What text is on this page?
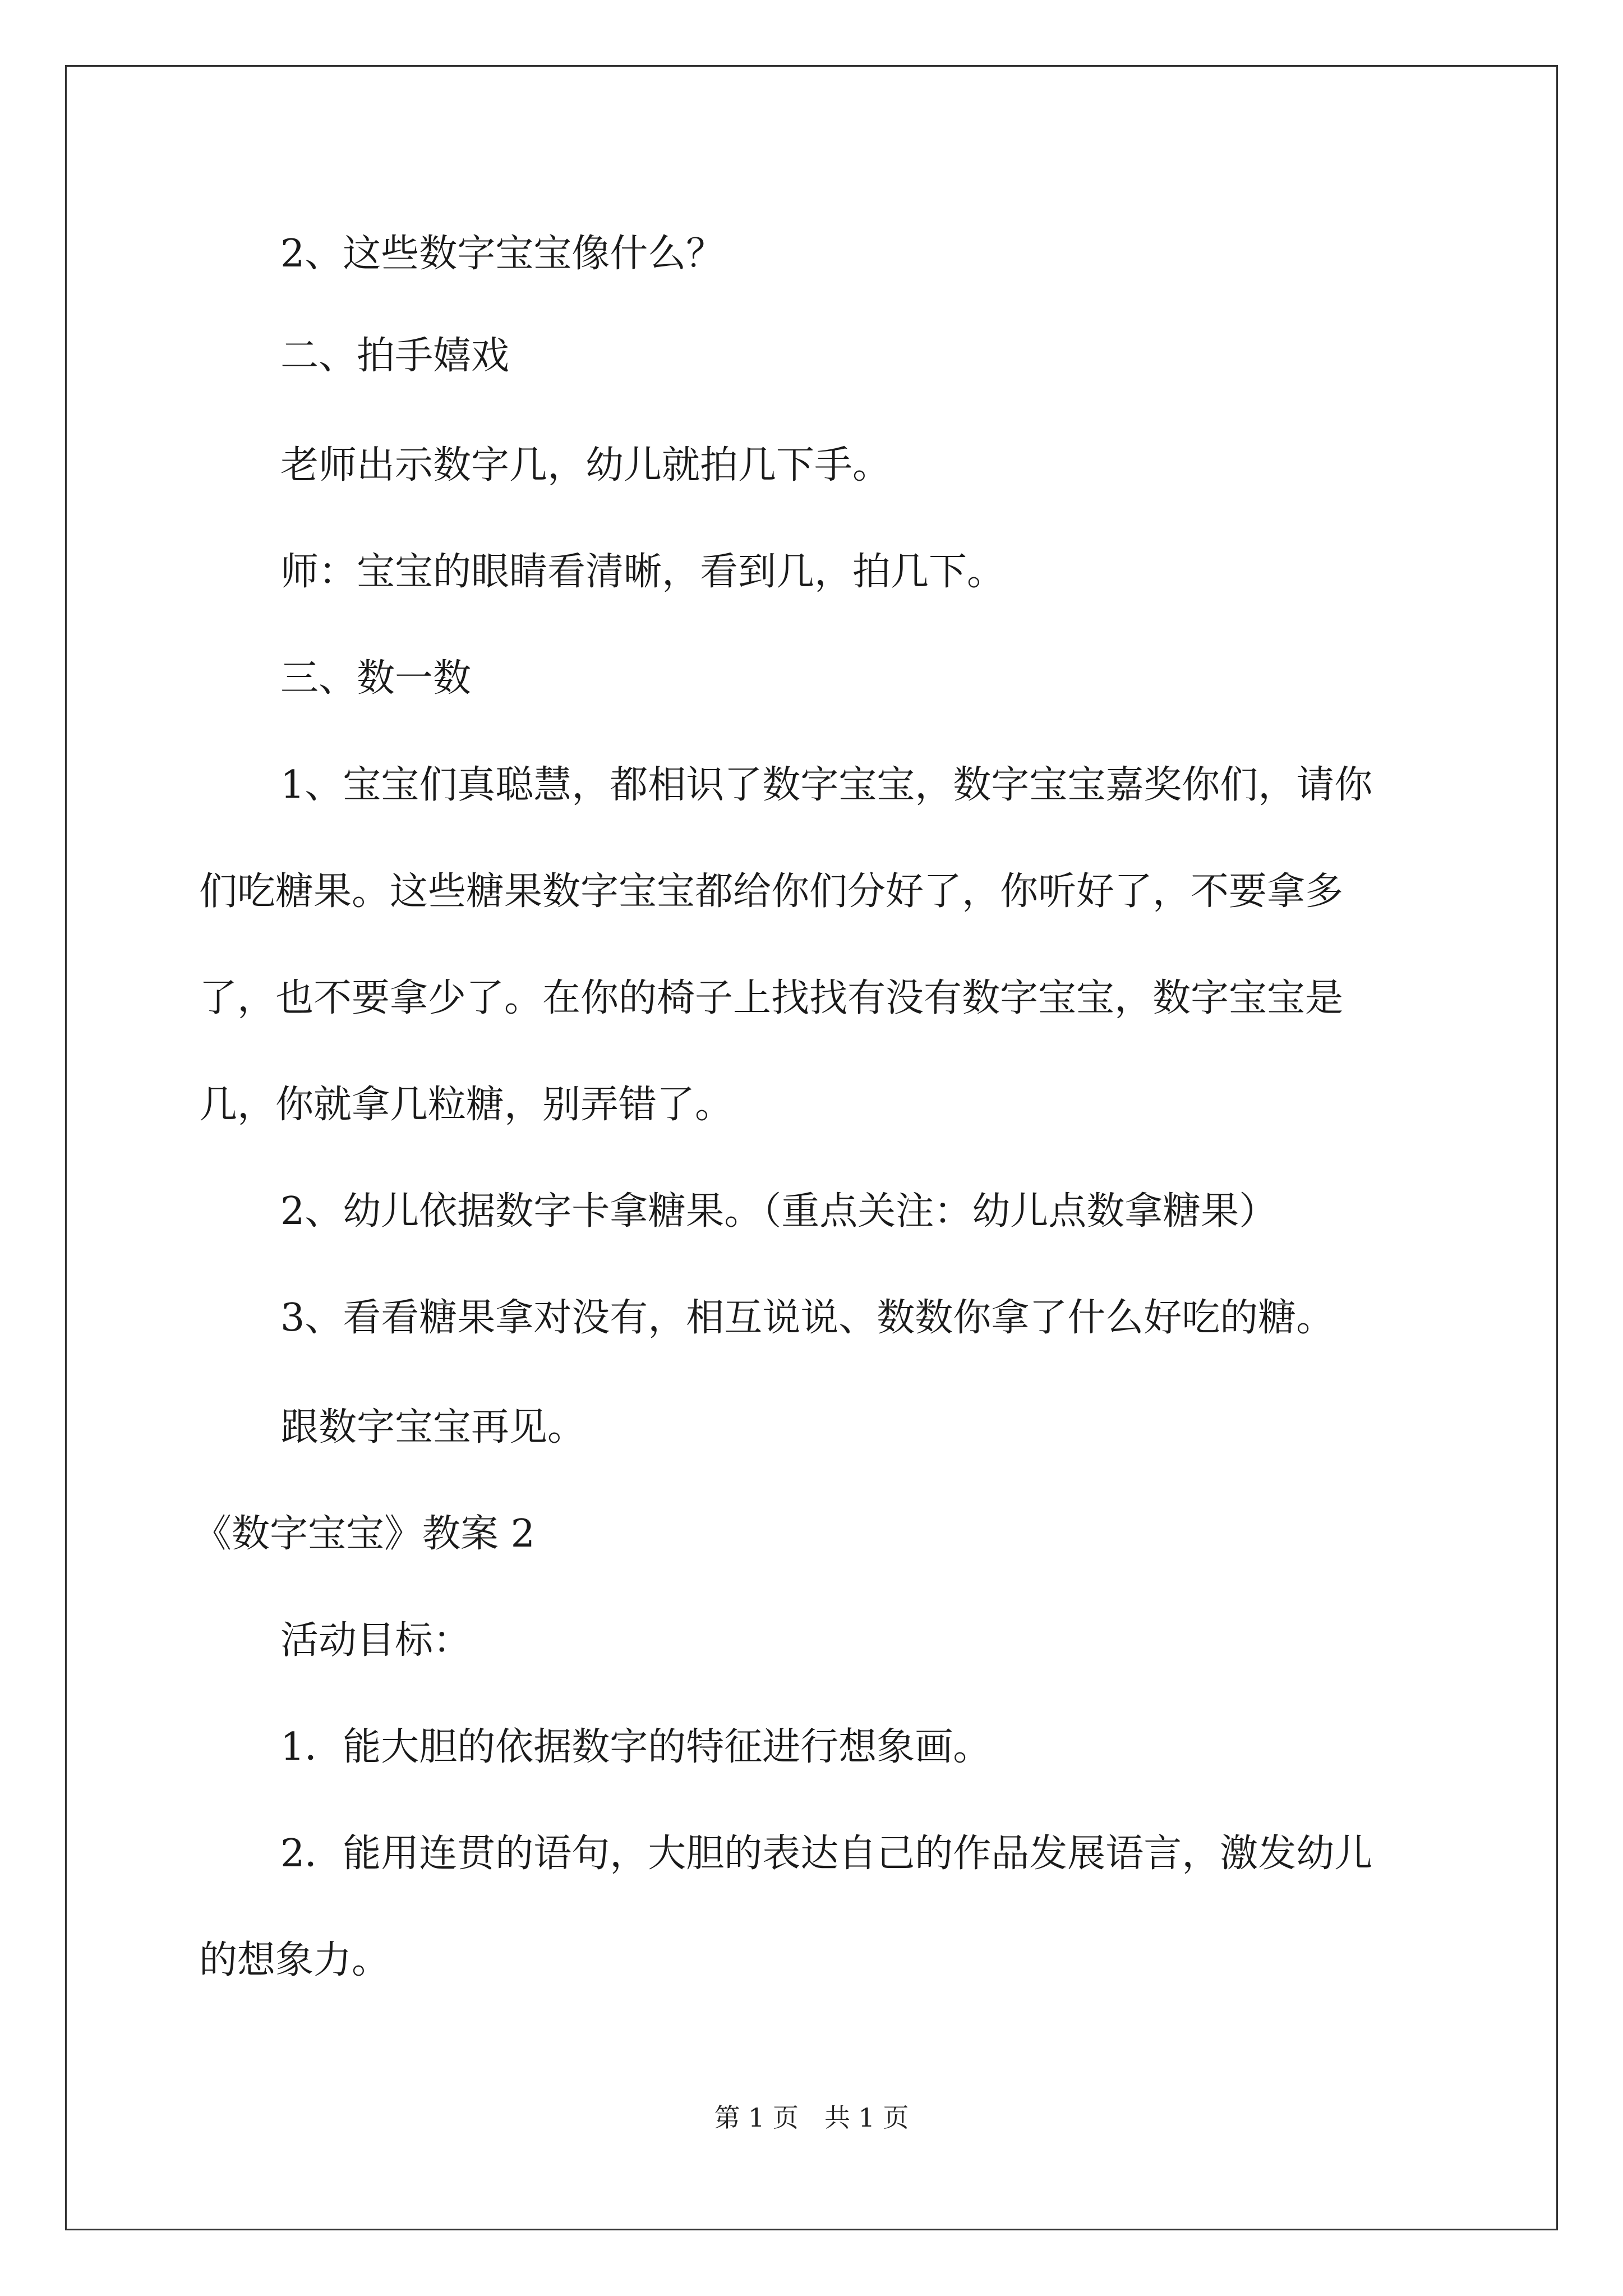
2、这些数字宝宝像什么？
二、拍手嬉戏
老师出示数字几，幼儿就拍几下手。
师：宝宝的眼睛看清晰，看到几，拍几下。
三、数一数
1、宝宝们真聪慧，都相识了数字宝宝，数字宝宝嘉奖你们，请你
们吃糖果。这些糖果数字宝宝都给你们分好了，你听好了，不要拿多
了，也不要拿少了。在你的椅子上找找有没有数字宝宝，数字宝宝是
几，你就拿几粒糖，别弄错了。
2、幼儿依据数字卡拿糖果。（重点关注：幼儿点数拿糖果）
3、看看糖果拿对没有，相互说说、数数你拿了什么好吃的糖。
跟数字宝宝再见。
《数字宝宝》教案 2
活动目标：
1．能大胆的依据数字的特征进行想象画。
2．能用连贯的语句，大胆的表达自己的作品发展语言，激发幼儿
的想象力。
第 1 页　共 1 页
